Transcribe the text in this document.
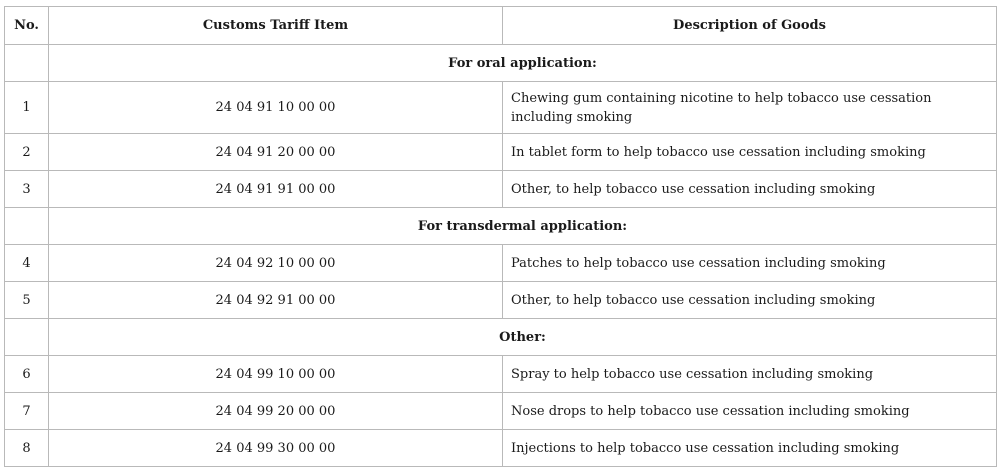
No.	Customs Tariff Item	Description of Goods
	For oral application:	
1	24 04 91 10 00 00	Chewing gum containing nicotine to help tobacco use cessation including smoking
2	24 04 91 20 00 00	In tablet form to help tobacco use cessation including smoking
3	24 04 91 91 00 00	Other, to help tobacco use cessation including smoking
	For transdermal application:	
4	24 04 92 10 00 00	Patches to help tobacco use cessation including smoking
5	24 04 92 91 00 00	Other, to help tobacco use cessation including smoking
	Other:	
6	24 04 99 10 00 00	Spray to help tobacco use cessation including smoking
7	24 04 99 20 00 00	Nose drops to help tobacco use cessation including smoking
8	24 04 99 30 00 00	Injections to help tobacco use cessation including smoking
